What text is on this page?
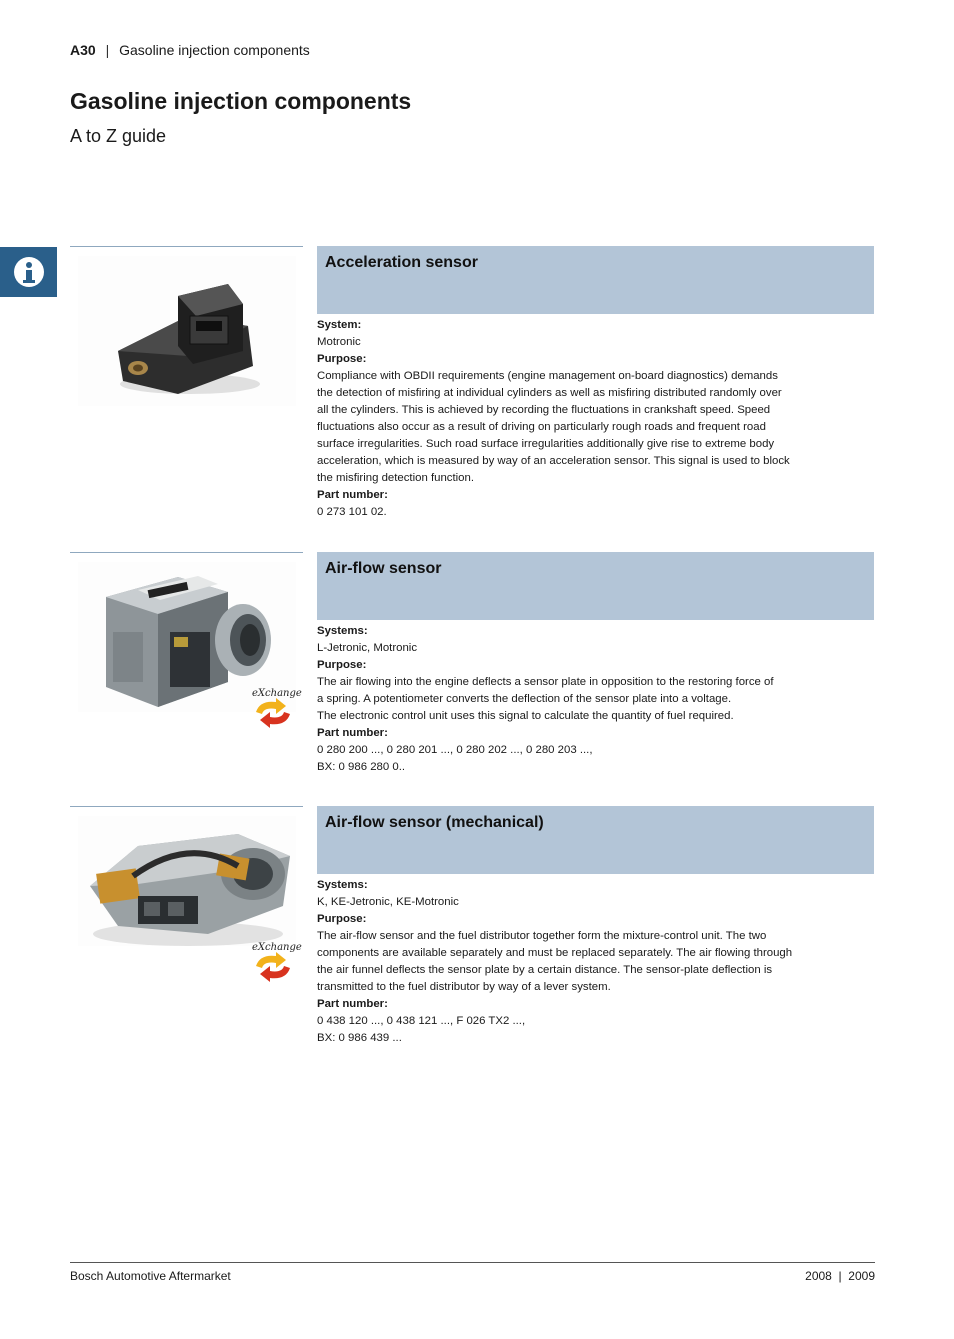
A30 | Gasoline injection components
Gasoline injection components
A to Z guide
Acceleration sensor
System:
Motronic
Purpose:
Compliance with OBDII requirements (engine management on-board diagnostics) demands
the detection of misfiring at individual cylinders as well as misfiring distributed randomly over
all the cylinders. This is achieved by recording the fluctuations in crankshaft speed. Speed
fluctuations also occur as a result of driving on particularly rough roads and frequent road
surface irregularities. Such road surface irregularities additionally give rise to extreme body
acceleration, which is measured by way of an acceleration sensor. This signal is used to block
the misfiring detection function.
Part number:
0 273 101 02.
eXchange
Air-flow sensor
Systems:
L-Jetronic, Motronic
Purpose:
The air flowing into the engine deflects a sensor plate in opposition to the restoring force of
a spring. A potentiometer converts the deflection of the sensor plate into a voltage.
The electronic control unit uses this signal to calculate the quantity of fuel required.
Part number:
0 280 200 ..., 0 280 201 ..., 0 280 202 ..., 0 280 203 ...,
BX: 0 986 280 0..
eXchange
Air-flow sensor (mechanical)
Systems:
K, KE-Jetronic, KE-Motronic
Purpose:
The air-flow sensor and the fuel distributor together form the mixture-control unit. The two
components are available separately and must be replaced separately. The air flowing through
the air funnel deflects the sensor plate by a certain distance. The sensor-plate deflection is
transmitted to the fuel distributor by way of a lever system.
Part number:
0 438 120 ..., 0 438 121 ..., F 026 TX2 ...,
BX: 0 986 439 ...
Bosch Automotive Aftermarket	2008  |  2009
